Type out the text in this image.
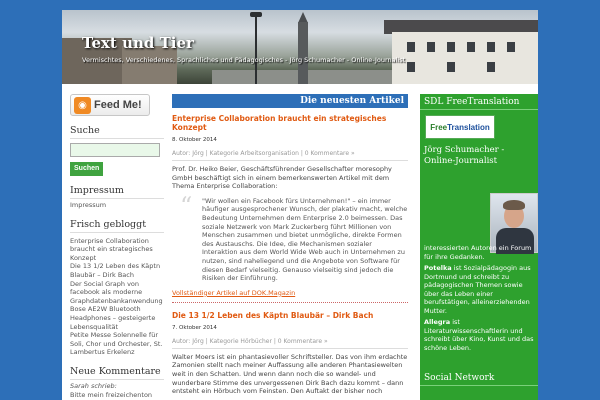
Text und Tier
Vermischtes, Verschiedenes, Sprachliches und Pädagogisches - Jörg Schumacher - Online-Journalist
◉ Feed Me!
Suche
Suchen
Impressum
Impressum
Frisch gebloggt
Enterprise Collaboration
braucht ein strategisches
Konzept
Die 13 1/2 Leben des Käptn
Blaubär – Dirk Bach
Der Social Graph von
facebook als moderne
Graphdatenbankanwendung
Bose AE2W Bluetooth
Headphones – gesteigerte
Lebensqualität
Petite Messe Solennelle für
Soli, Chor und Orchester, St.
Lambertus Erkelenz
Neue Kommentare
Sarah schrieb:
Bitte mein freizeichenton
Die neuesten Artikel
Enterprise Collaboration braucht ein strategisches Konzept
8. Oktober 2014
Autor: Jörg | Kategorie Arbeitsorganisation | 0 Kommentare »
Prof. Dr. Heiko Beier, Geschäftsführender Gesellschafter moresophy GmbH beschäftigt sich in einem bemerkenswerten Artikel mit dem Thema Enterprise Collaboration:
“ "Wir wollen ein Facebook fürs Unternehmen!" – ein immer häufiger ausgesprochener Wunsch, der plakativ macht, welche Bedeutung Unternehmen dem Enterprise 2.0 beimessen. Das soziale Netzwerk von Mark Zuckerberg führt Millionen von Menschen zusammen und bietet unmögliche, direkte Formen des Austauschs. Die Idee, die Mechanismen sozialer Interaktion aus dem World Wide Web auch in Unternehmen zu nutzen, sind naheliegend und die Angebote von Software für diesen Bedarf vielseitig. Genauso vielseitig sind jedoch die Risiken der Einführung.
Vollständiger Artikel auf DOK.Magazin
Die 13 1/2 Leben des Käptn Blaubär – Dirk Bach
7. Oktober 2014
Autor: Jörg | Kategorie Hörbücher | 0 Kommentare »
Walter Moers ist ein phantasievoller Schriftsteller. Das von ihm erdachte Zamonien stellt nach meiner Auffassung alle anderen Phantasiewelten weit in den Schatten. Und wenn dann noch die so wandel- und wunderbare Stimme des unvergessenen Dirk Bach dazu kommt – dann entsteht ein Hörbuch vom Feinsten. Den Auftakt der bisher noch
SDL FreeTranslation
FreeTranslation
Jörg Schumacher - Online-Journalist
interessierten Autoren ein Forum für ihre Gedanken.
Potelka ist Sozialpädagogin aus Dortmund und schreibt zu pädagogischen Themen sowie über das Leben einer berufstätigen, alleinerziehenden Mutter.
Allegra ist Literaturwissenschaftlerin und schreibt über Kino, Kunst und das schöne Leben.
Social Network
